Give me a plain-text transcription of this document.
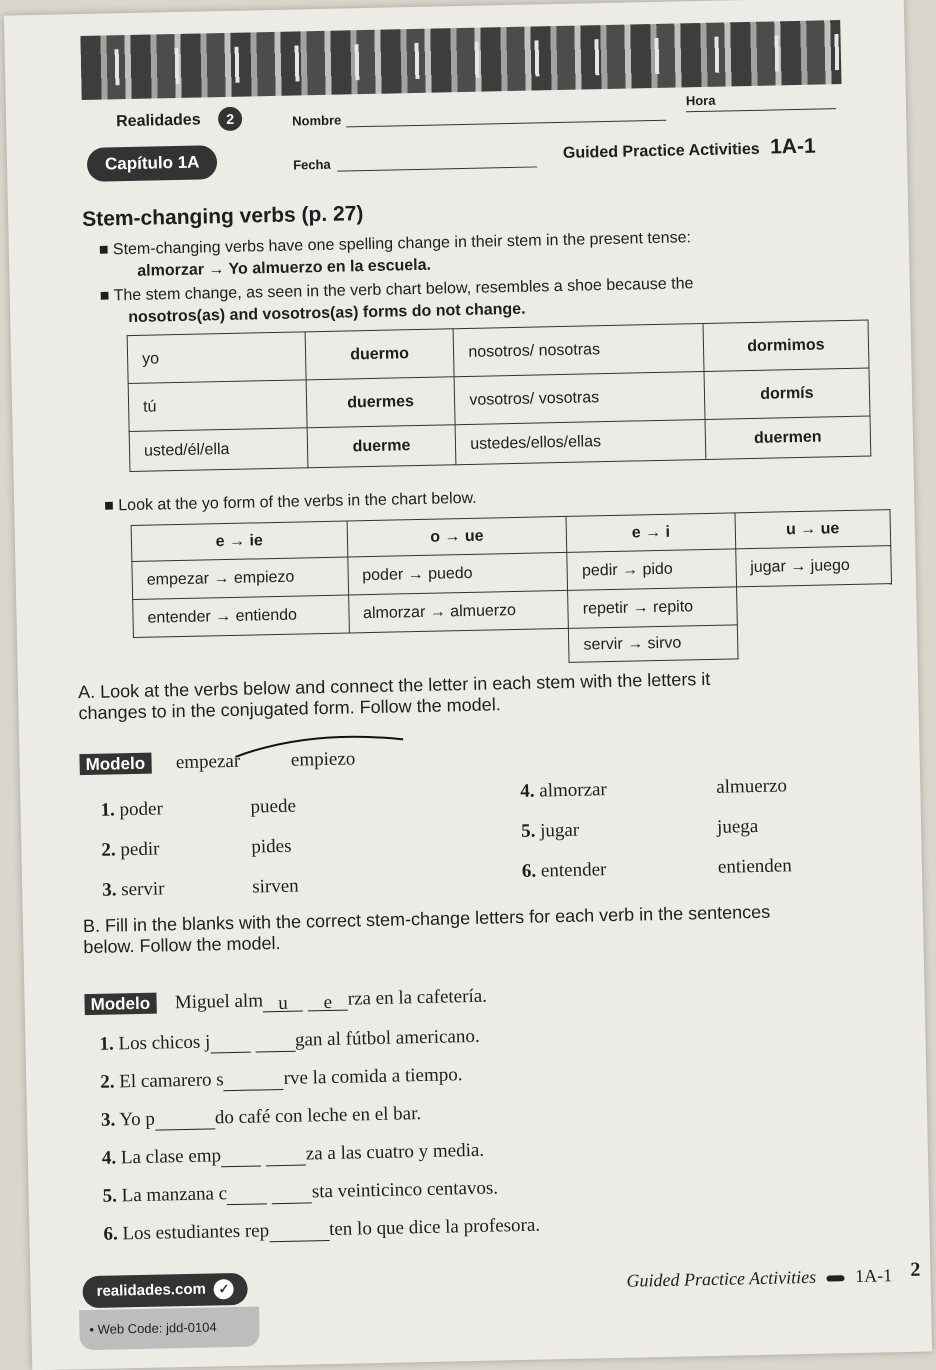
Realidades	2	Nombre
Hora
Capítulo 1A	Fecha
Guided Practice Activities 1A-1
Stem-changing verbs (p. 27)
■ Stem-changing verbs have one spelling change in their stem in the present tense:
almorzar → Yo almuerzo en la escuela.
■ The stem change, as seen in the verb chart below, resembles a shoe because the
nosotros(as) and vosotros(as) forms do not change.
yo	duermo	nosotros/ nosotras	dormimos
tú	duermes	vosotros/ vosotras	dormís
usted/él/ella	duerme	ustedes/ellos/ellas	duermen
■ Look at the yo form of the verbs in the chart below.
e → ie	o → ue	e → i	u → ue
empezar → empiezo	poder → puedo	pedir → pido	jugar → juego
entender → entiendo	almorzar → almuerzo	repetir → repito	
		servir → sirvo	
A. Look at the verbs below and connect the letter in each stem with the letters it
changes to in the conjugated form. Follow the model.
Modelo empezar	empiezo
1. poder	puede
2. pedir	pides
3. servir	sirven
4. almorzar	almuerzo
5. jugar	juega
6. entender	entienden
B. Fill in the blanks with the correct stem-change letters for each verb in the sentences
below. Follow the model.
Modelo Miguel alm u e rza en la cafetería.
1. Los chicos j	gan al fútbol americano.
2. El camarero s	rve la comida a tiempo.
3. Yo p	do café con leche en el bar.
4. La clase emp	za a las cuatro y media.
5. La manzana c	sta veinticinco centavos.
6. Los estudiantes rep	ten lo que dice la profesora.
realidades.com ✓
• Web Code: jdd-0104
Guided Practice Activities 1A-1 2
